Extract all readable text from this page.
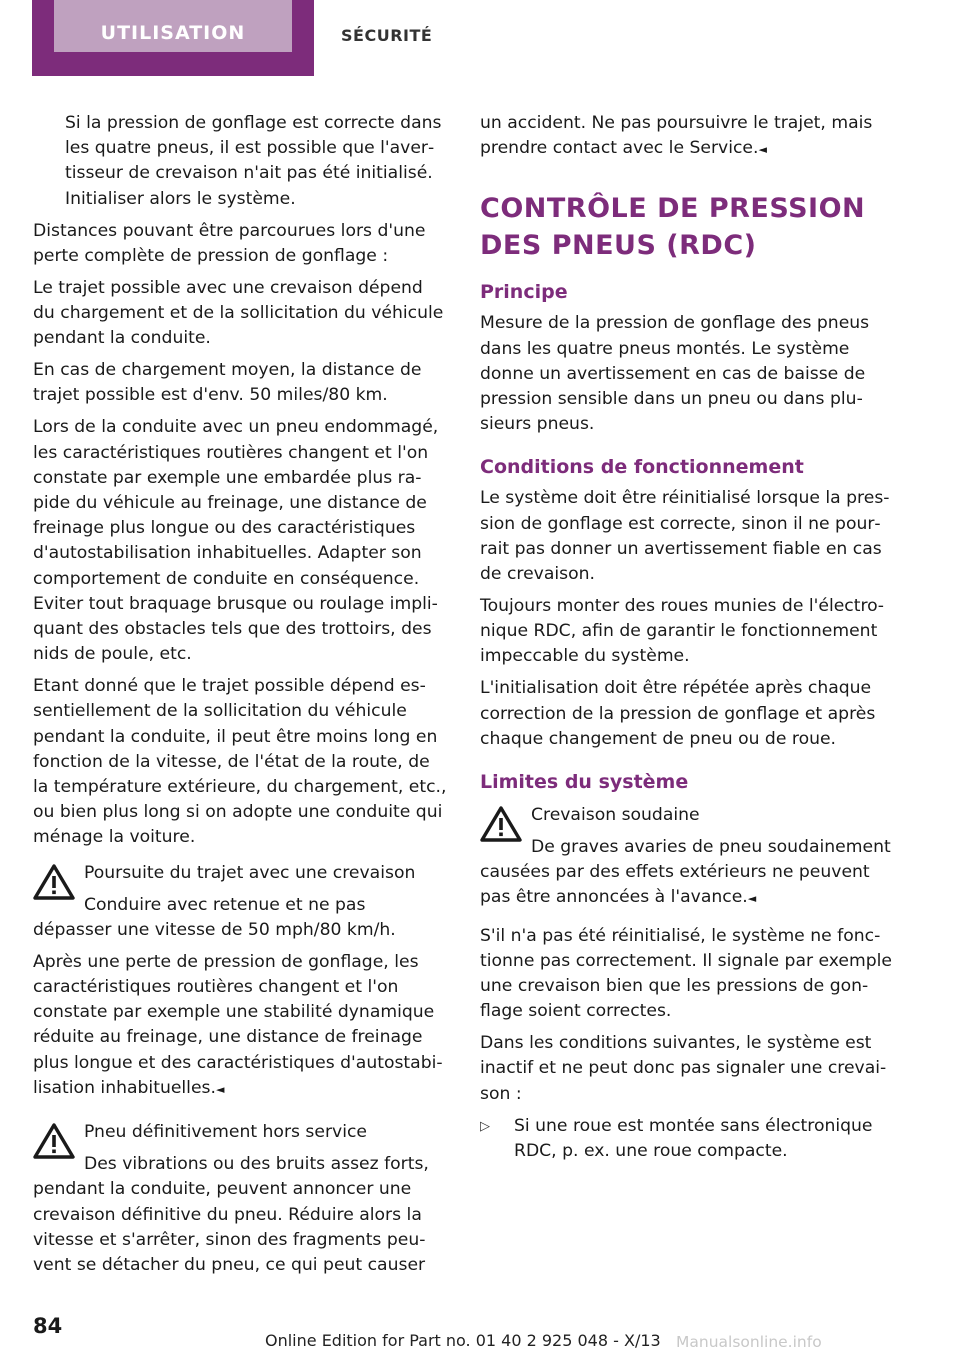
UTILISATION	SÉCURITÉ

Si la pression de gonflage est correcte dans les quatre pneus, il est possible que l'avertisseur de crevaison n'ait pas été initialisé. Initialiser alors le système.

Distances pouvant être parcourues lors d'une perte complète de pression de gonflage :

Le trajet possible avec une crevaison dépend du chargement et de la sollicitation du véhicule pendant la conduite.

En cas de chargement moyen, la distance de trajet possible est d'env. 50 miles/80 km.

Lors de la conduite avec un pneu endommagé, les caractéristiques routières changent et l'on constate par exemple une embardée plus rapide du véhicule au freinage, une distance de freinage plus longue ou des caractéristiques d'autostabilisation inhabituelles. Adapter son comportement de conduite en conséquence. Eviter tout braquage brusque ou roulage impliquant des obstacles tels que des trottoirs, des nids de poule, etc.

Etant donné que le trajet possible dépend essentiellement de la sollicitation du véhicule pendant la conduite, il peut être moins long en fonction de la vitesse, de l'état de la route, de la température extérieure, du chargement, etc., ou bien plus long si on adopte une conduite qui ménage la voiture.

Poursuite du trajet avec une crevaison

Conduire avec retenue et ne pas dépasser une vitesse de 50 mph/80 km/h.

Après une perte de pression de gonflage, les caractéristiques routières changent et l'on constate par exemple une stabilité dynamique réduite au freinage, une distance de freinage plus longue et des caractéristiques d'autostabilisation inhabituelles.◄

Pneu définitivement hors service

Des vibrations ou des bruits assez forts, pendant la conduite, peuvent annoncer une crevaison définitive du pneu. Réduire alors la vitesse et s'arrêter, sinon des fragments peuvent se détacher du pneu, ce qui peut causer

un accident. Ne pas poursuivre le trajet, mais prendre contact avec le Service.◄

CONTRÔLE DE PRESSION DES PNEUS (RDC)
Principe

Mesure de la pression de gonflage des pneus dans les quatre pneus montés. Le système donne un avertissement en cas de baisse de pression sensible dans un pneu ou dans plusieurs pneus.

Conditions de fonctionnement

Le système doit être réinitialisé lorsque la pression de gonflage est correcte, sinon il ne pourrait pas donner un avertissement fiable en cas de crevaison.

Toujours monter des roues munies de l'électronique RDC, afin de garantir le fonctionnement impeccable du système.

L'initialisation doit être répétée après chaque correction de la pression de gonflage et après chaque changement de pneu ou de roue.

Limites du système

Crevaison soudaine

De graves avaries de pneu soudainement causées par des effets extérieurs ne peuvent pas être annoncées à l'avance.◄

S'il n'a pas été réinitialisé, le système ne fonctionne pas correctement. Il signale par exemple une crevaison bien que les pressions de gonflage soient correctes.

Dans les conditions suivantes, le système est inactif et ne peut donc pas signaler une crevaison :

▷	Si une roue est montée sans électronique RDC, p. ex. une roue compacte.
84
Online Edition for Part no. 01 40 2 925 048 - X/13 Manualsonline.info
